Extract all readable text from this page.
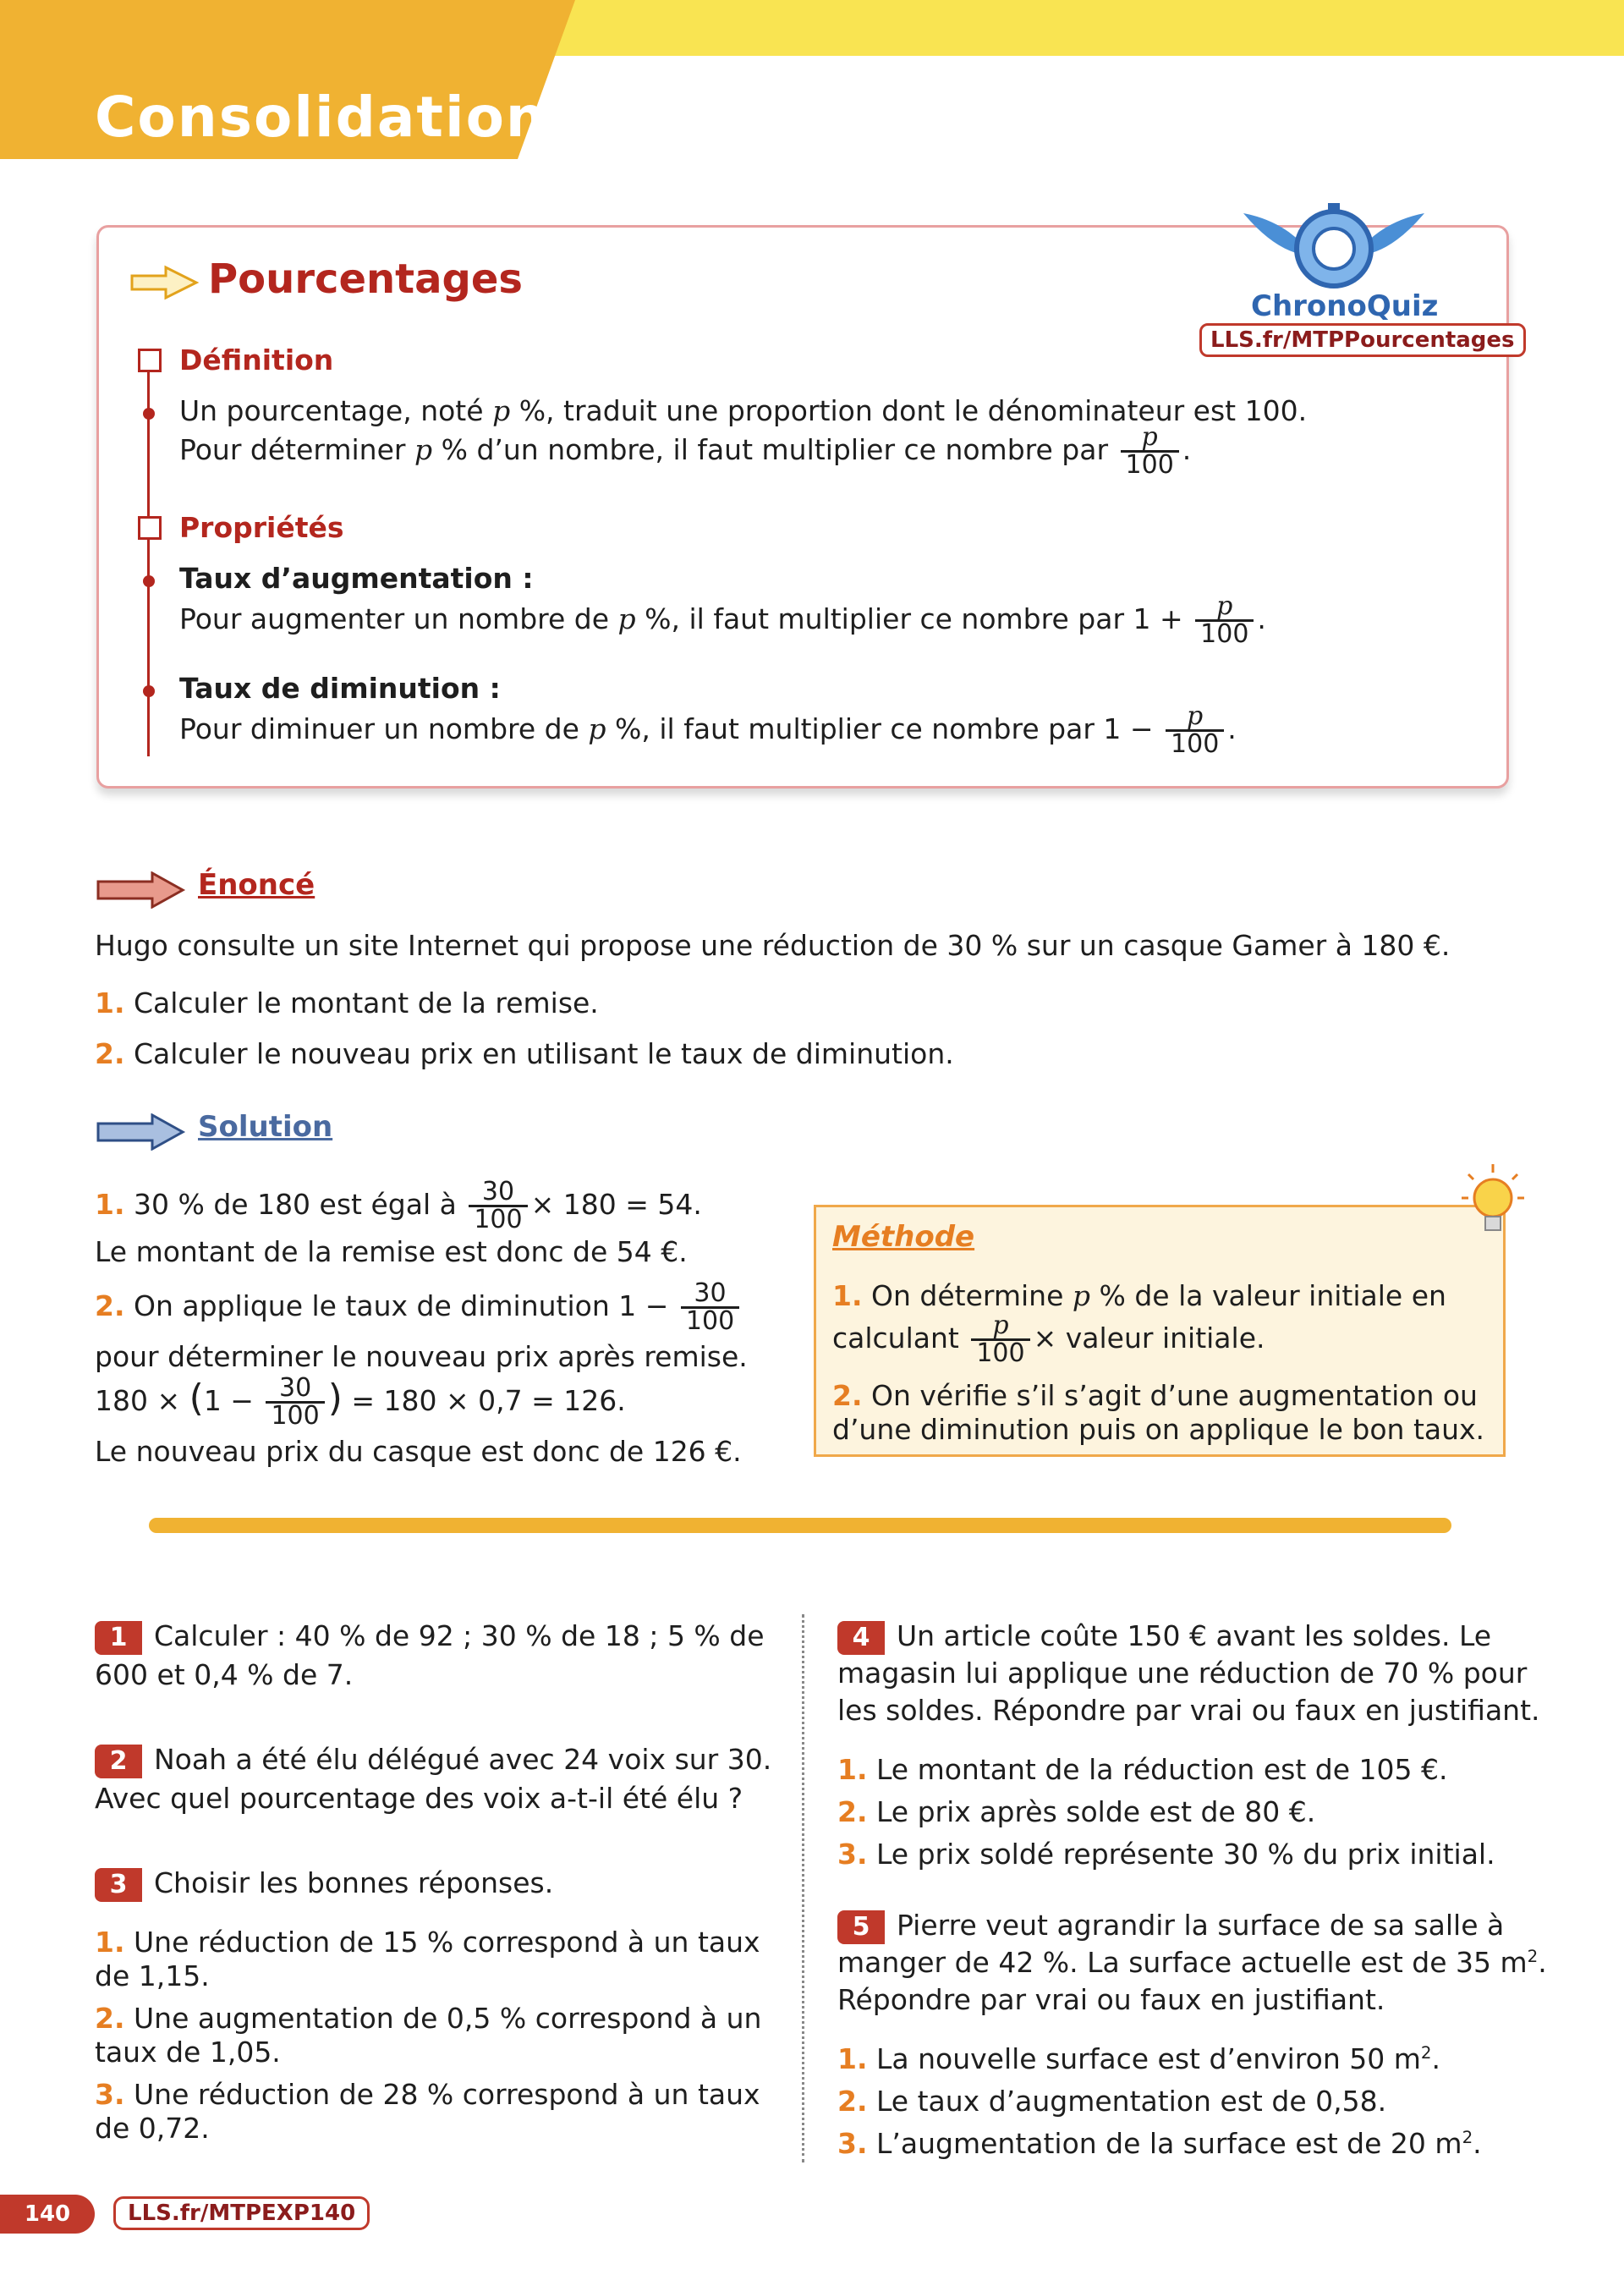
Consolidation
Pourcentages
ChronoQuiz
LLS.fr/MTPPourcentages
Définition
Un pourcentage, noté p %, traduit une proportion dont le dénominateur est 100.
Pour déterminer p % d’un nombre, il faut multiplier ce nombre par $\frac{p}{100}$ .
Propriétés
Taux d’augmentation :
Pour augmenter un nombre de p %, il faut multiplier ce nombre par $1 + \frac{p}{100}$ .
Taux de diminution :
Pour diminuer un nombre de p %, il faut multiplier ce nombre par $1 - \frac{p}{100}$ .
Énoncé
Hugo consulte un site Internet qui propose une réduction de 30 % sur un casque Gamer à 180 €.
1. Calculer le montant de la remise.
2. Calculer le nouveau prix en utilisant le taux de diminution.
Solution
1. 30 % de 180 est égal à $\frac{30}{100} \times 180 = 54$.
Le montant de la remise est donc de 54 €.
2. On applique le taux de diminution $1 - \frac{30}{100}$
pour déterminer le nouveau prix après remise.
$180 \times (1 - \frac{30}{100}$ ) = 180 × 0,7 = 126.
Le nouveau prix du casque est donc de 126 €.
Méthode
1. On détermine p % de la valeur initiale en
calculant $\frac{p}{100}$ × valeur initiale.
2. On vérifie s’il s’agit d’une augmentation ou
d’une diminution puis on applique le bon taux.
1 Calculer : 40 % de 92 ; 30 % de 18 ; 5 % de
600 et 0,4 % de 7.
2 Noah a été élu délégué avec 24 voix sur 30.
Avec quel pourcentage des voix a-t-il été élu ?
3 Choisir les bonnes réponses.
1. Une réduction de 15 % correspond à un taux
de 1,15.
2. Une augmentation de 0,5 % correspond à un
taux de 1,05.
3. Une réduction de 28 % correspond à un taux
de 0,72.
4 Un article coûte 150 € avant les soldes. Le
magasin lui applique une réduction de 70 % pour
les soldes. Répondre par vrai ou faux en justifiant.
1. Le montant de la réduction est de 105 €.
2. Le prix après solde est de 80 €.
3. Le prix soldé représente 30 % du prix initial.
5 Pierre veut agrandir la surface de sa salle à
manger de 42 %. La surface actuelle est de 35 $m^2$.
Répondre par vrai ou faux en justifiant.
1. La nouvelle surface est d’environ 50 $m^2$.
2. Le taux d’augmentation est de 0,58.
3. L’augmentation de la surface est de 20 $m^2$.
140	LLS.fr/MTPEXP140
